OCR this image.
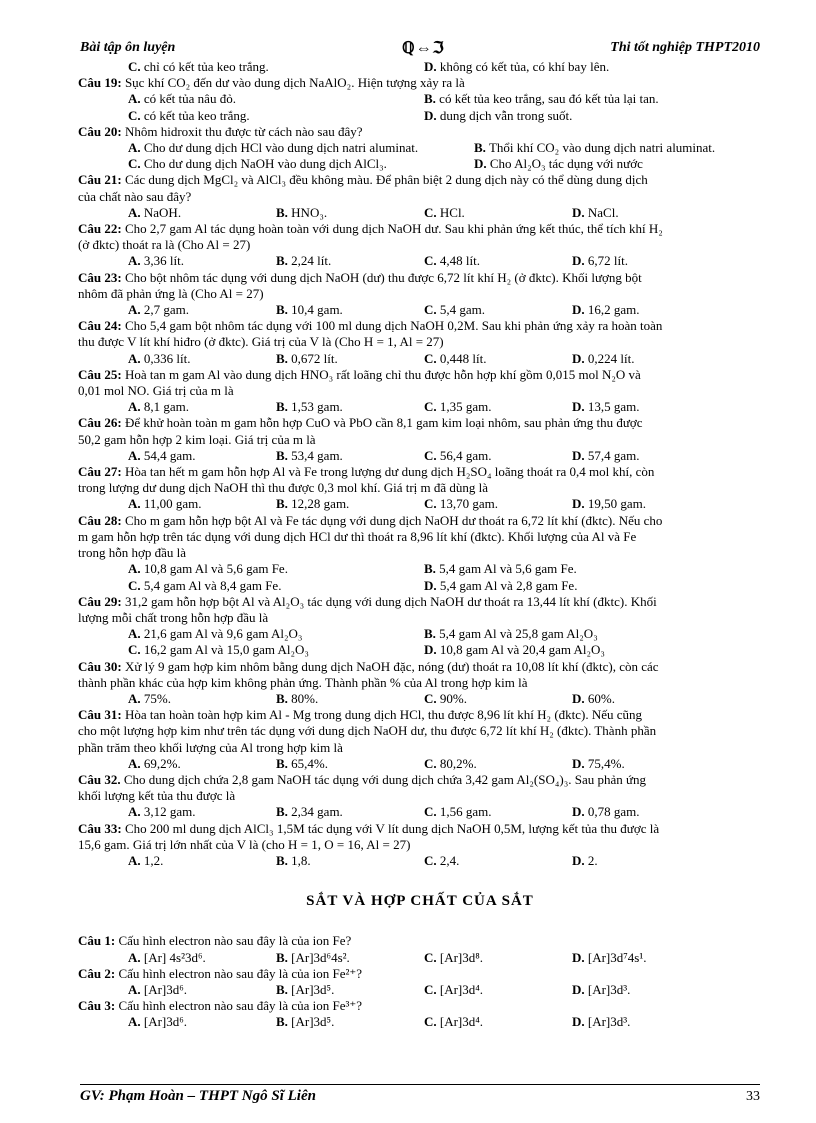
Bài tập ôn luyện	ℚ⇔ℑ	Thi tốt nghiệp THPT2010

C. chỉ có kết tủa keo trắng.	D. không có kết tủa, có khí bay lên.

Câu 19: Sục khí CO₂ đến dư vào dung dịch NaAlO₂. Hiện tượng xảy ra là

A. có kết tủa nâu đỏ.	B. có kết tủa keo trắng, sau đó kết tủa lại tan.

C. có kết tủa keo trắng.	D. dung dịch vẫn trong suốt.

Câu 20: Nhôm hidroxit thu được từ cách nào sau đây?

A. Cho dư dung dịch HCl vào dung dịch natri aluminat.	B. Thổi khí CO₂ vào dung dịch natri aluminat.

C. Cho dư dung dịch NaOH vào dung dịch AlCl₃.	D. Cho Al₂O₃ tác dụng với nước

Câu 21: Các dung dịch MgCl₂ và AlCl₃ đều không màu. Để phân biệt 2 dung dịch này có thể dùng dung dịch

của chất nào sau đây?

A. NaOH.	B. HNO₃.	C. HCl.	D. NaCl.

Câu 22: Cho 2,7 gam Al tác dụng hoàn toàn với dung dịch NaOH dư. Sau khi phản ứng kết thúc, thể tích khí H₂

(ở đktc) thoát ra là (Cho Al = 27)

A. 3,36 lít.	B. 2,24 lít.	C. 4,48 lít.	D. 6,72 lít.

Câu 23: Cho bột nhôm tác dụng với dung dịch NaOH (dư) thu được 6,72 lít khí H₂ (ở đktc). Khối lượng bột

nhôm đã phản ứng là (Cho Al = 27)

A. 2,7 gam.	B. 10,4 gam.	C. 5,4 gam.	D. 16,2 gam.

Câu 24: Cho 5,4 gam bột nhôm tác dụng với 100 ml dung dịch NaOH 0,2M. Sau khi phản ứng xảy ra hoàn toàn

thu được V lít khí hiđro (ở đktc). Giá trị của V là (Cho H = 1, Al = 27)

A. 0,336 lít.	B. 0,672 lít.	C. 0,448 lít.	D. 0,224 lít.

Câu 25: Hoà tan m gam Al vào dung dịch HNO₃ rất loãng chỉ thu được hỗn hợp khí gồm 0,015 mol N₂O và

0,01 mol NO. Giá trị của m là

A. 8,1 gam.	B. 1,53 gam.	C. 1,35 gam.	D. 13,5 gam.

Câu 26: Để khử hoàn toàn m gam hỗn hợp CuO và PbO cần 8,1 gam kim loại nhôm, sau phản ứng thu được

50,2 gam hỗn hợp 2 kim loại. Giá trị của m là

A. 54,4 gam.	B. 53,4 gam.	C. 56,4 gam.	D. 57,4 gam.

Câu 27: Hòa tan hết m gam hỗn hợp Al và Fe trong lượng dư dung dịch H₂SO₄ loãng thoát ra 0,4 mol khí, còn

trong lượng dư dung dịch NaOH thì thu được 0,3 mol khí. Giá trị m đã dùng là

A. 11,00 gam.	B. 12,28 gam.	C. 13,70 gam.	D. 19,50 gam.

Câu 28: Cho m gam hỗn hợp bột Al và Fe tác dụng với dung dịch NaOH dư thoát ra 6,72 lít khí (đktc). Nếu cho

m gam hỗn hợp trên tác dụng với dung dịch HCl dư thì thoát ra 8,96 lít khí (đktc). Khối lượng của Al và Fe

trong hỗn hợp đầu là

A. 10,8 gam Al và 5,6 gam Fe.	B. 5,4 gam Al và 5,6 gam Fe.

C. 5,4 gam Al và 8,4 gam Fe.	D. 5,4 gam Al và 2,8 gam Fe.

Câu 29: 31,2 gam hỗn hợp bột Al và Al₂O₃ tác dụng với dung dịch NaOH dư thoát ra 13,44 lít khí (đktc). Khối

lượng mỗi chất trong hỗn hợp đầu là

A. 21,6 gam Al và 9,6 gam Al₂O₃	B. 5,4 gam Al và 25,8 gam Al₂O₃

C. 16,2 gam Al và 15,0 gam Al₂O₃	D. 10,8 gam Al và 20,4 gam Al₂O₃

Câu 30: Xử lý 9 gam hợp kim nhôm bằng dung dịch NaOH đặc, nóng (dư) thoát ra 10,08 lít khí (đktc), còn các

thành phần khác của hợp kim không phản ứng. Thành phần % của Al trong hợp kim là

A. 75%.	B. 80%.	C. 90%.	D. 60%.

Câu 31: Hòa tan hoàn toàn hợp kim Al - Mg trong dung dịch HCl, thu được 8,96 lít khí H₂ (đktc). Nếu cũng

cho một lượng hợp kim như trên tác dụng với dung dịch NaOH dư, thu được 6,72 lít khí H₂ (đktc). Thành phần

phần trăm theo khối lượng của Al trong hợp kim là

A. 69,2%.	B. 65,4%.	C. 80,2%.	D. 75,4%.

Câu 32. Cho dung dịch chứa 2,8 gam NaOH tác dụng với dung dịch chứa 3,42 gam Al₂(SO₄)₃. Sau phản ứng

khối lượng kết tủa thu được là

A. 3,12 gam.	B. 2,34 gam.	C. 1,56 gam.	D. 0,78 gam.

Câu 33: Cho 200 ml dung dịch AlCl₃ 1,5M tác dụng với V lít dung dịch NaOH 0,5M, lượng kết tủa thu được là

15,6 gam. Giá trị lớn nhất của V là (cho H = 1, O = 16, Al = 27)

A. 1,2.	B. 1,8.	C. 2,4.	D. 2.

SẮT VÀ HỢP CHẤT CỦA SẮT

Câu 1: Cấu hình electron nào sau đây là của ion Fe?

A. [Ar] 4s²3d⁶.	B. [Ar]3d⁶4s².	C. [Ar]3d⁸.	D. [Ar]3d⁷4s¹.

Câu 2: Cấu hình electron nào sau đây là của ion Fe²⁺?

A. [Ar]3d⁶.	B. [Ar]3d⁵.	C. [Ar]3d⁴.	D. [Ar]3d³.

Câu 3: Cấu hình electron nào sau đây là của ion Fe³⁺?

A. [Ar]3d⁶.	B. [Ar]3d⁵.	C. [Ar]3d⁴.	D. [Ar]3d³.

GV: Phạm Hoàn – THPT Ngô Sĩ Liên	33
